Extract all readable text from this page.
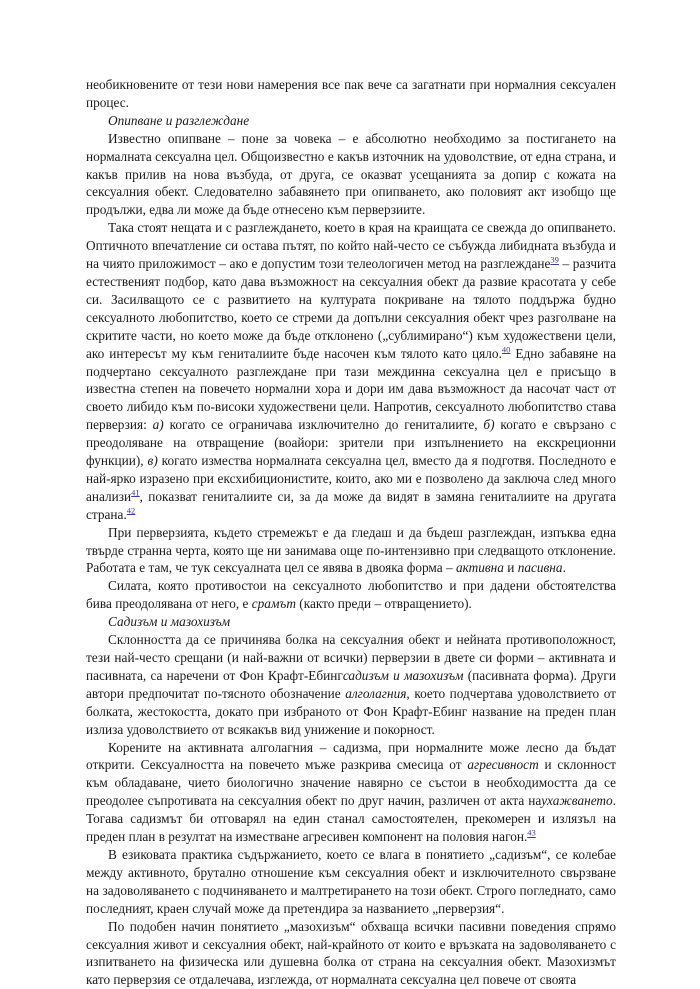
необикновените от тези нови намерения все пак вече са загатнати при нормалния сексуален процес.

Опипване и разглеждане

Известно опипване – поне за човека – е абсолютно необходимо за постигането на нормалната сексуална цел. Общоизвестно е какъв източник на удоволствие, от една страна, и какъв прилив на нова възбуда, от друга, се оказват усещанията за допир с кожата на сексуалния обект. Следователно забавянето при опипването, ако половият акт изобщо ще продължи, едва ли може да бъде отнесено към перверзиите.

Така стоят нещата и с разглеждането, което в края на краищата се свежда до опипването. Оптичното впечатление си остава пътят, по който най-често се събужда либидната възбуда и на чиято приложимост – ако е допустим този телеологичен метод на разглеждане$^{39}$ – разчита естественият подбор, като дава възможност на сексуалния обект да развие красотата у себе си. Засилващото се с развитието на културата покриване на тялото поддържа будно сексуалното любопитство, което се стреми да допълни сексуалния обект чрез разголване на скритите части, но което може да бъде отклонено („сублимирано“) към художествени цели, ако интересът му към гениталиите бъде насочен към тялото като цяло.$^{40}$ Едно забавяне на подчертано сексуалното разглеждане при тази междинна сексуална цел е присъщо в известна степен на повечето нормални хора и дори им дава възможност да насочат част от своето либидо към по-високи художествени цели. Напротив, сексуалното любопитство става перверзия: а) когато се ограничава изключително до гениталиите, б) когато е свързано с преодоляване на отвращение (воайори: зрители при изпълнението на екскреционни функции), в) когато измества нормалната сексуална цел, вместо да я подготвя. Последното е най-ярко изразено при ексхибиционистите, които, ако ми е позволено да заключа след много анализи$^{41}$, показват гениталиите си, за да може да видят в замяна гениталиите на другата страна.$^{42}$

При перверзията, където стремежът е да гледаш и да бъдеш разглеждан, изпъква една твърде странна черта, която ще ни занимава още по-интензивно при следващото отклонение. Работата е там, че тук сексуалната цел се явява в двояка форма – активна и пасивна.

Силата, която противостои на сексуалното любопитство и при дадени обстоятелства бива преодолявана от него, е срамът (както преди – отвращението).

Садизъм и мазохизъм

Склонността да се причинява болка на сексуалния обект и нейната противоположност, тези най-често срещани (и най-важни от всички) перверзии в двете си форми – активната и пасивната, са наречени от Фон Крафт-Ебингсадизъм и мазохизъм (пасивната форма). Други автори предпочитат по-тясното обозначение алголагния, което подчертава удоволствието от болката, жестокостта, докато при избраното от Фон Крафт-Ебинг название на преден план излиза удоволствието от всякакъв вид унижение и покорност.

Корените на активната алголагния – садизма, при нормалните може лесно да бъдат открити. Сексуалността на повечето мъже разкрива смесица от агресивност и склонност към обладаване, чието биологично значение навярно се състои в необходимостта да се преодолее съпротивата на сексуалния обект по друг начин, различен от акта наухажването. Тогава садизмът би отговарял на един станал самостоятелен, прекомерен и излязъл на преден план в резултат на изместване агресивен компонент на половия нагон.$^{43}$

В езиковата практика съдържанието, което се влага в понятието „садизъм“, се колебае между активното, брутално отношение към сексуалния обект и изключителното свързване на задоволяването с подчиняването и малтретирането на този обект. Строго погледнато, само последният, краен случай може да претендира за названието „перверзия“.

По подобен начин понятието „мазохизъм“ обхваща всички пасивни поведения спрямо сексуалния живот и сексуалния обект, най-крайното от които е връзката на задоволяването с изпитването на физическа или душевна болка от страна на сексуалния обект. Мазохизмът като перверзия се отдалечава, изглежда, от нормалната сексуална цел повече от своята
